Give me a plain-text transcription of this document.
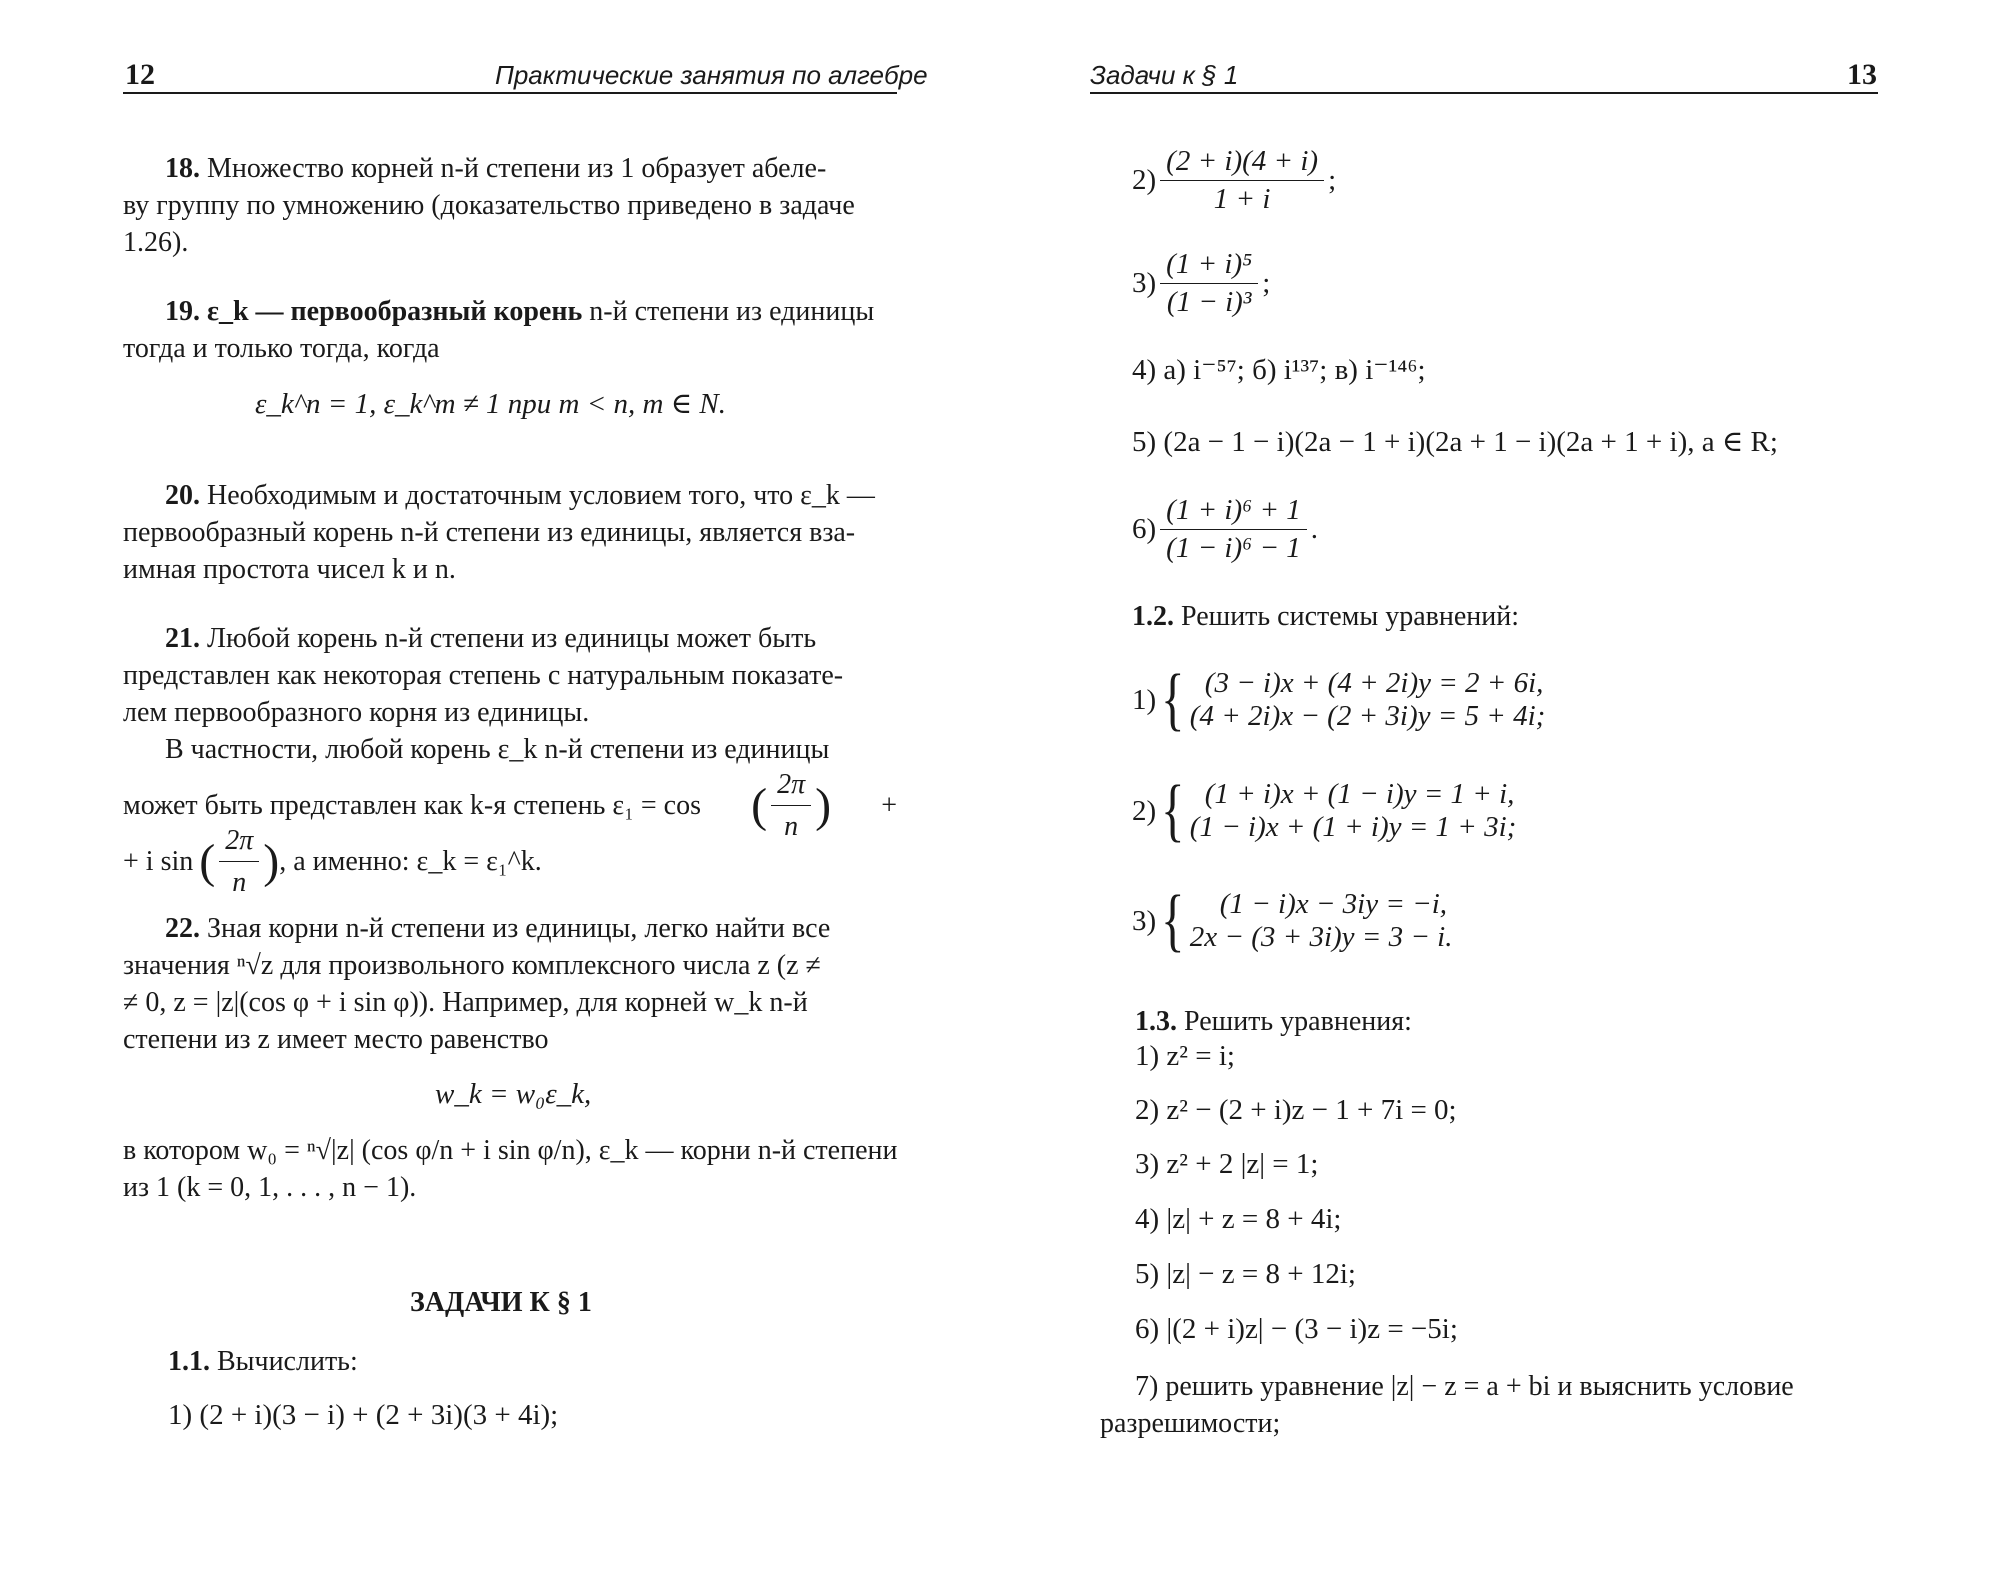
12	Практические занятия по алгебре
18. Множество корней n-й степени из 1 образует абеле-
ву группу по умножению (доказательство приведено в задаче
1.26).
19. ε_k — первообразный корень n-й степени из единицы
тогда и только тогда, когда
ε_k^n = 1, ε_k^m ≠ 1 при m < n, m ∈ N.
20. Необходимым и достаточным условием того, что ε_k —
первообразный корень n-й степени из единицы, является вза-
имная простота чисел k и n.
21. Любой корень n-й степени из единицы может быть
представлен как некоторая степень с натуральным показате-
лем первообразного корня из единицы.
В частности, любой корень ε_k n-й степени из единицы
может быть представлен как k-я степень ε₁ = cos ( $\frac{2\pi}{n}$ ) +
+ i sin ( $\frac{2\pi}{n}$ ) , а именно: ε_k = ε₁^k.
22. Зная корни n-й степени из единицы, легко найти все
значения ⁿ√z для произвольного комплексного числа z (z ≠
≠ 0, z = |z|(cos φ + i sin φ)). Например, для корней w_k n-й
степени из z имеет место равенство
w_k = w₀ε_k,
в котором w₀ = ⁿ√|z| (cos φ/n + i sin φ/n), ε_k — корни n-й степени
из 1 (k = 0, 1, . . . , n − 1).
ЗАДАЧИ К § 1
1.1. Вычислить:
1) (2 + i)(3 − i) + (2 + 3i)(3 + 4i);
Задачи к § 1	13
$2) \frac{(2 + i)(4 + i)}{1 + i}$ ;
$3) \frac{\text{(1 + i)⁵}}{\text{(1 − i)³}}$ ;
4) а) i⁻⁵⁷; б) i¹³⁷; в) i⁻¹⁴⁶;
5) (2a − 1 − i)(2a − 1 + i)(2a + 1 − i)(2a + 1 + i), a ∈ R;
$6) \frac{\text{(1 + i)⁶ + 1}}{\text{(1 − i)⁶ − 1}}$ .
1.2. Решить системы уравнений:
1) { (3 − i)x + (4 + 2i)y = 2 + 6i,
(4 + 2i)x − (2 + 3i)y = 5 + 4i;
2) { (1 + i)x + (1 − i)y = 1 + i,
(1 − i)x + (1 + i)y = 1 + 3i;
3) {	(1 − i)x − 3iy = −i,
2x − (3 + 3i)y = 3 − i.
1.3. Решить уравнения:
1) z² = i;
2) z² − (2 + i)z − 1 + 7i = 0;
3) z² + 2 |z| = 1;
4) |z| + z = 8 + 4i;
5) |z| − z = 8 + 12i;
6) |(2 + i)z| − (3 − i)z = −5i;
7) решить уравнение |z| − z = a + bi и выяснить условие
разрешимости;
